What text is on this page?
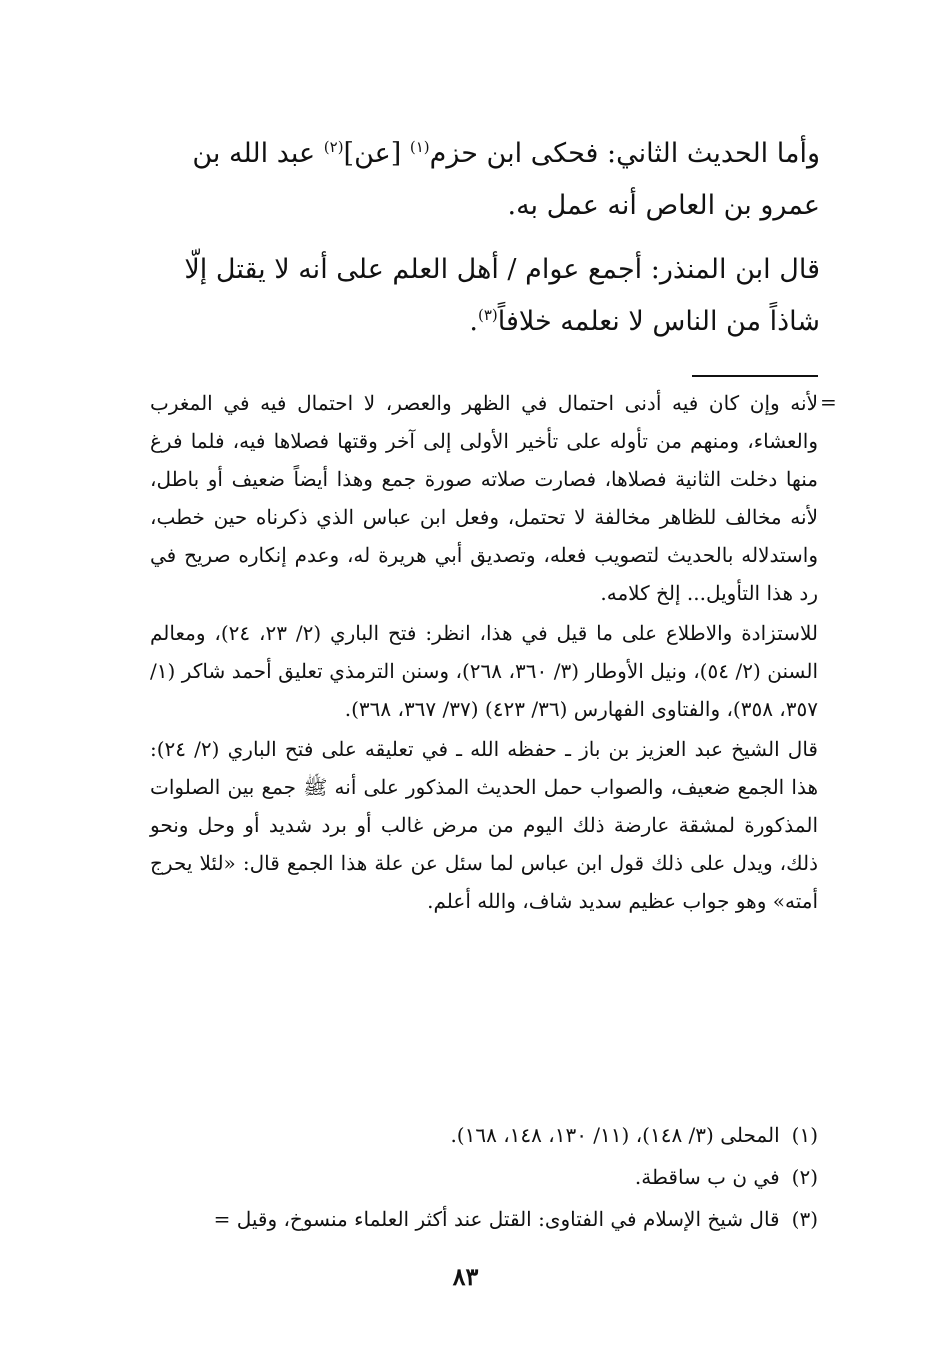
وأما الحديث الثاني: فحكى ابن حزم$^{(١)}$ [عن]$^{(٢)}$ عبد الله بن عمرو بن العاص أنه عمل به.
قال ابن المنذر: أجمع عوام / أهل العلم على أنه لا يقتل إلّا شاذاً من الناس لا نعلمه خلافاً$^{(٣)}$.
=

لأنه وإن كان فيه أدنى احتمال في الظهر والعصر، لا احتمال فيه في المغرب والعشاء، ومنهم من تأوله على تأخير الأولى إلى آخر وقتها فصلاها فيه، فلما فرغ منها دخلت الثانية فصلاها، فصارت صلاته صورة جمع وهذا أيضاً ضعيف أو باطل، لأنه مخالف للظاهر مخالفة لا تحتمل، وفعل ابن عباس الذي ذكرناه حين خطب، واستدلاله بالحديث لتصويب فعله، وتصديق أبي هريرة له، وعدم إنكاره صريح في رد هذا التأويل... إلخ كلامه.

للاستزادة والاطلاع على ما قيل في هذا، انظر: فتح الباري (٢/ ٢٣، ٢٤)، ومعالم السنن (٢/ ٥٤)، ونيل الأوطار (٣/ ٣٦٠، ٢٦٨)، وسنن الترمذي تعليق أحمد شاكر (١/ ٣٥٧، ٣٥٨)، والفتاوى الفهارس (٣٦/ ٤٢٣) (٣٧/ ٣٦٧، ٣٦٨).

قال الشيخ عبد العزيز بن باز ـ حفظه الله ـ في تعليقه على فتح الباري (٢/ ٢٤): هذا الجمع ضعيف، والصواب حمل الحديث المذكور على أنه ﷺ جمع بين الصلوات المذكورة لمشقة عارضة ذلك اليوم من مرض غالب أو برد شديد أو وحل ونحو ذلك، ويدل على ذلك قول ابن عباس لما سئل عن علة هذا الجمع قال: «لئلا يحرج أمته» وهو جواب عظيم سديد شاف، والله أعلم.

(١)المحلى (٣/ ١٤٨)، (١١/ ١٣٠، ١٤٨، ١٦٨).
(٢)في ن ب ساقطة.
(٣)قال شيخ الإسلام في الفتاوى: القتل عند أكثر العلماء منسوخ، وقيل =
٨٣
